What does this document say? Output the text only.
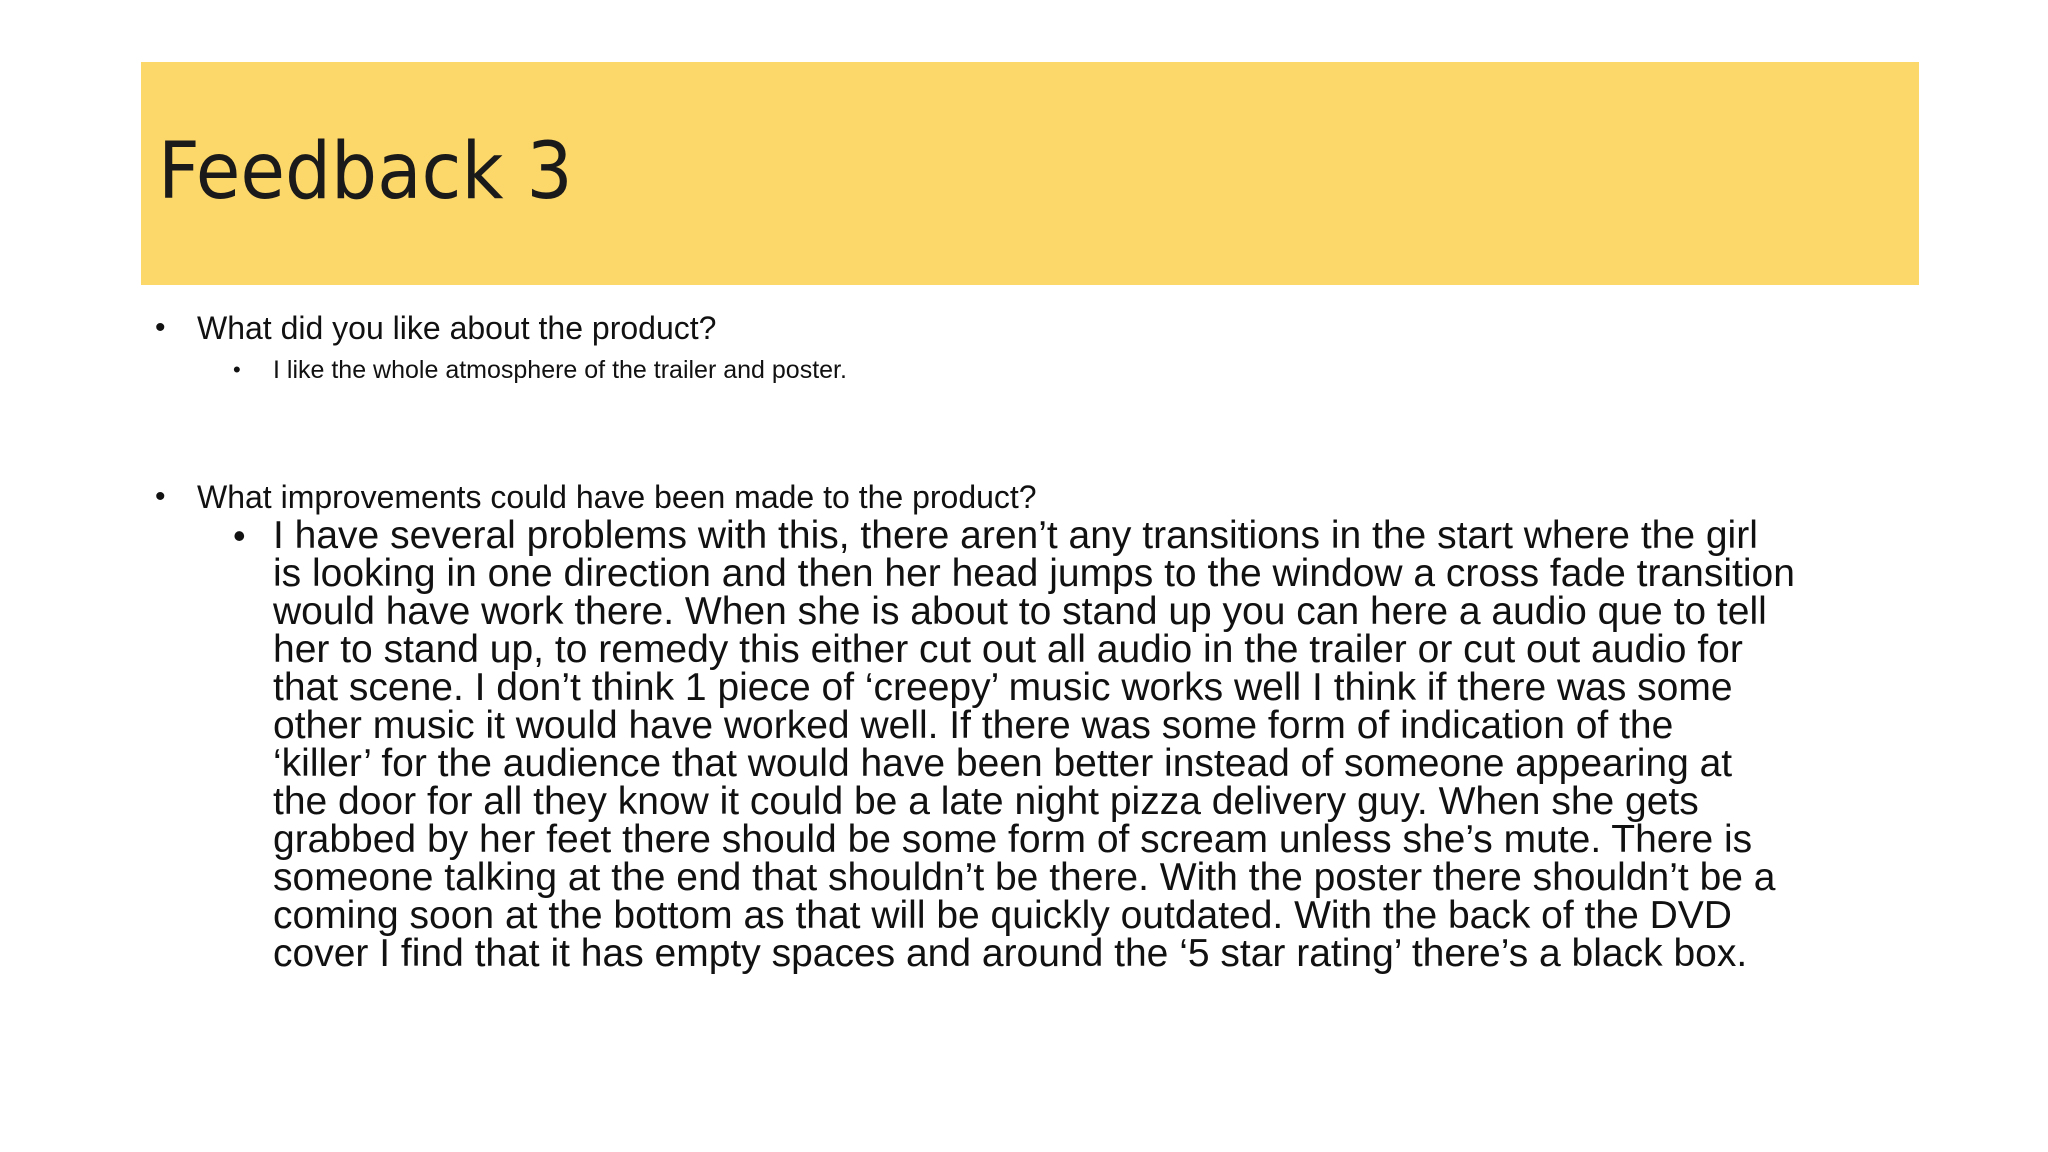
Feedback 3
• What did you like about the product?
•	I like the whole atmosphere of the trailer and poster.
• What improvements could have been made to the product?
• I have several problems with this, there aren’t any transitions in the start where the girl
is looking in one direction and then her head jumps to the window a cross fade transition
would have work there. When she is about to stand up you can here a audio que to tell
her to stand up, to remedy this either cut out all audio in the trailer or cut out audio for
that scene. I don’t think 1 piece of ‘creepy’ music works well I think if there was some
other music it would have worked well. If there was some form of indication of the
‘killer’ for the audience that would have been better instead of someone appearing at
the door for all they know it could be a late night pizza delivery guy. When she gets
grabbed by her feet there should be some form of scream unless she’s mute. There is
someone talking at the end that shouldn’t be there. With the poster there shouldn’t be a
coming soon at the bottom as that will be quickly outdated. With the back of the DVD
cover I find that it has empty spaces and around the ‘5 star rating’ there’s a black box.
